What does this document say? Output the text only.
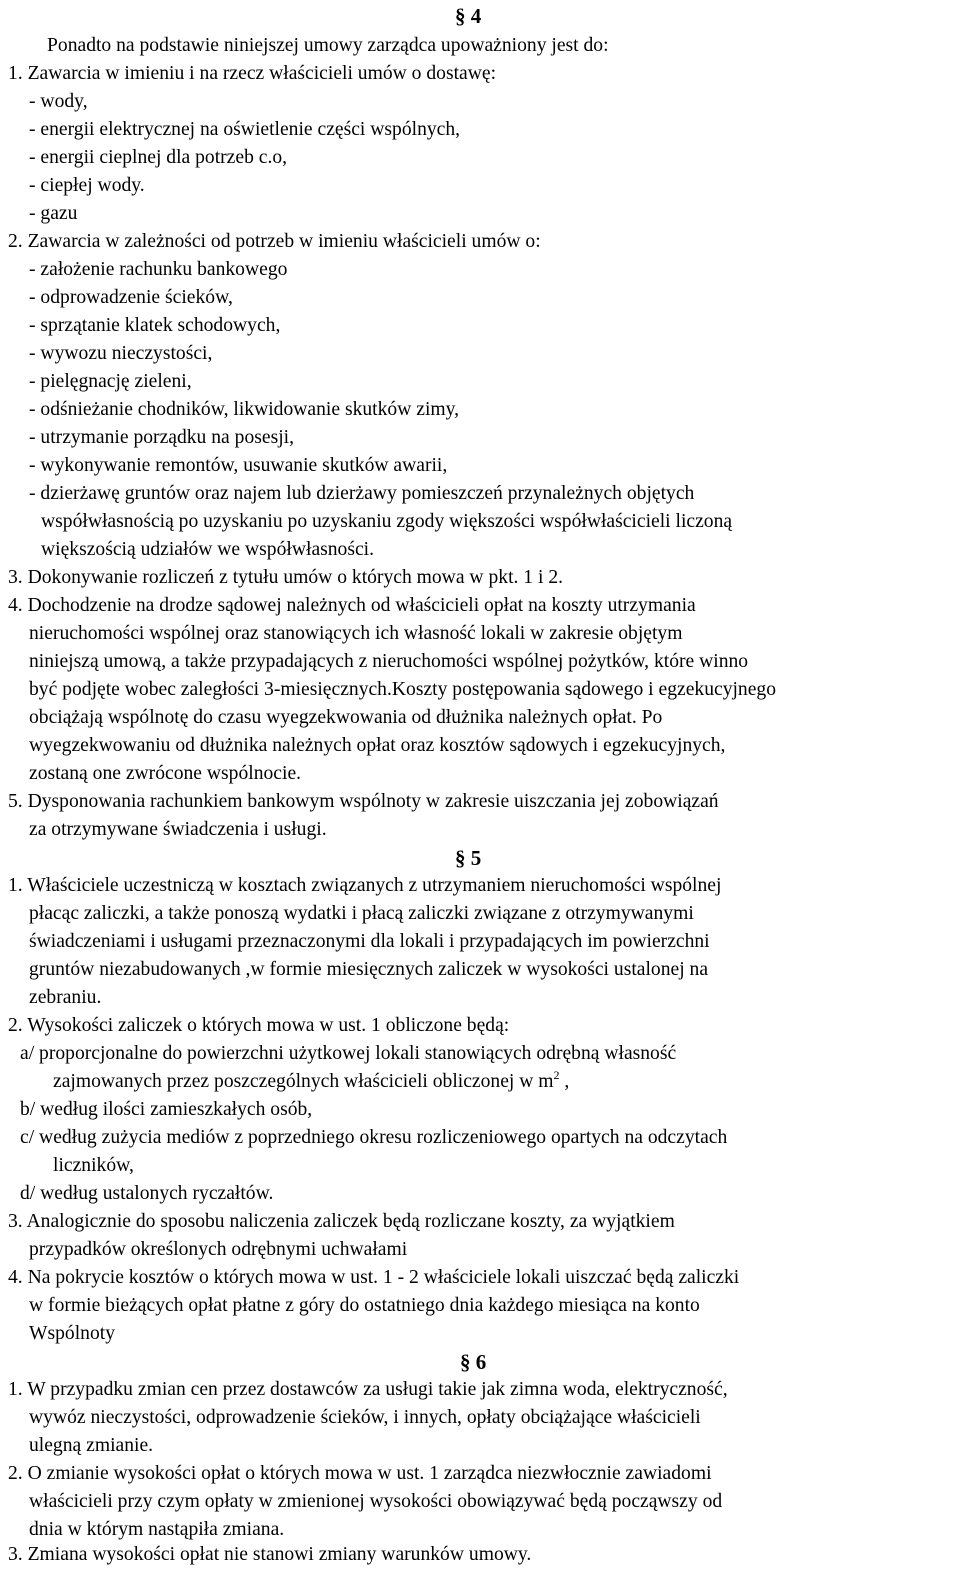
§ 4
Ponadto na podstawie niniejszej umowy zarządca upoważniony jest do:
1. Zawarcia w imieniu i na rzecz właścicieli umów o dostawę:
- wody,
- energii elektrycznej na oświetlenie części wspólnych,
- energii cieplnej dla potrzeb c.o,
- ciepłej wody.
- gazu
2. Zawarcia w zależności od potrzeb w imieniu właścicieli umów o:
- założenie rachunku bankowego
- odprowadzenie ścieków,
- sprzątanie klatek schodowych,
- wywozu nieczystości,
- pielęgnację zieleni,
- odśnieżanie chodników, likwidowanie skutków zimy,
- utrzymanie porządku na posesji,
- wykonywanie remontów, usuwanie skutków awarii,
- dzierżawę gruntów oraz najem lub dzierżawy pomieszczeń przynależnych objętych
współwłasnością po uzyskaniu po uzyskaniu zgody większości współwłaścicieli liczoną
większością udziałów we współwłasności.
3. Dokonywanie rozliczeń z tytułu umów o których mowa w pkt. 1 i 2.
4. Dochodzenie na drodze sądowej należnych od właścicieli opłat na koszty utrzymania
nieruchomości wspólnej oraz stanowiących ich własność lokali w zakresie objętym
niniejszą umową, a także przypadających z nieruchomości wspólnej pożytków, które winno
być podjęte wobec zaległości 3-miesięcznych.Koszty postępowania sądowego i egzekucyjnego
obciążają wspólnotę do czasu wyegzekwowania od dłużnika należnych opłat. Po
wyegzekwowaniu od dłużnika należnych opłat oraz kosztów sądowych i egzekucyjnych,
zostaną one zwrócone wspólnocie.
5. Dysponowania rachunkiem bankowym wspólnoty w zakresie uiszczania jej zobowiązań
za otrzymywane świadczenia i usługi.
§ 5
1. Właściciele uczestniczą w kosztach związanych z utrzymaniem nieruchomości wspólnej
płacąc zaliczki, a także ponoszą wydatki i płacą zaliczki związane z otrzymywanymi
świadczeniami i usługami przeznaczonymi dla lokali i przypadających im powierzchni
gruntów niezabudowanych ,w formie miesięcznych zaliczek w wysokości ustalonej na
zebraniu.
2. Wysokości zaliczek o których mowa w ust. 1 obliczone będą:
a/ proporcjonalne do powierzchni użytkowej lokali stanowiących odrębną własność
zajmowanych przez poszczególnych właścicieli obliczonej w $m^2$ ,
b/ według ilości zamieszkałych osób,
c/ według zużycia mediów z poprzedniego okresu rozliczeniowego opartych na odczytach
liczników,
d/ według ustalonych ryczałtów.
3. Analogicznie do sposobu naliczenia zaliczek będą rozliczane koszty, za wyjątkiem
przypadków określonych odrębnymi uchwałami
4. Na pokrycie kosztów o których mowa w ust. 1 - 2 właściciele lokali uiszczać będą zaliczki
w formie bieżących opłat płatne z góry do ostatniego dnia każdego miesiąca na konto
Wspólnoty
§ 6
1. W przypadku zmian cen przez dostawców za usługi takie jak zimna woda, elektryczność,
wywóz nieczystości, odprowadzenie ścieków, i innych, opłaty obciążające właścicieli
ulegną zmianie.
2. O zmianie wysokości opłat o których mowa w ust. 1 zarządca niezwłocznie zawiadomi
właścicieli przy czym opłaty w zmienionej wysokości obowiązywać będą począwszy od
dnia w którym nastąpiła zmiana.
3. Zmiana wysokości opłat nie stanowi zmiany warunków umowy.
